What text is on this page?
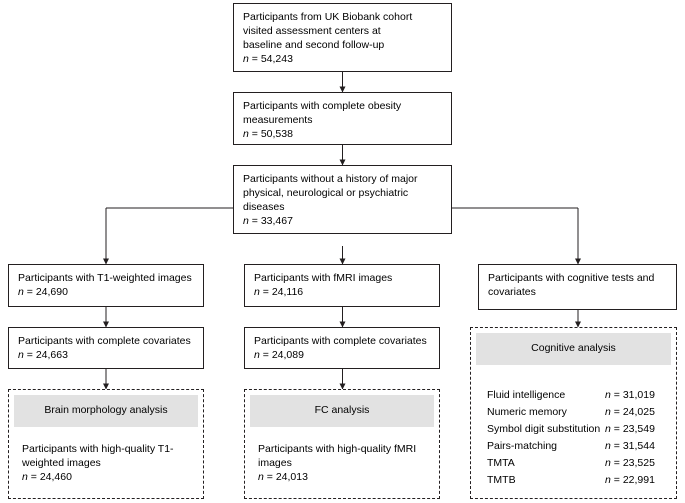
Participants from UK Biobank cohort
visited assessment centers at
baseline and second follow-up
n = 54,243
Participants with complete obesity
measurements
n = 50,538
Participants without a history of major
physical, neurological or psychiatric
diseases
n = 33,467
Participants with T1-weighted images
n = 24,690
Participants with fMRI images
n = 24,116
Participants with cognitive tests and
covariates
Participants with complete covariates
n = 24,663
Participants with complete covariates
n = 24,089
Brain morphology analysis
Participants with high-quality T1-
weighted images
n = 24,460
FC analysis
Participants with high-quality fMRI
images
n = 24,013
Cognitive analysis
Fluid intelligence	n = 31,019
Numeric memory	n = 24,025
Symbol digit substitution n = 23,549
Pairs-matching	n = 31,544
TMTA	n = 23,525
TMTB	n = 22,991
